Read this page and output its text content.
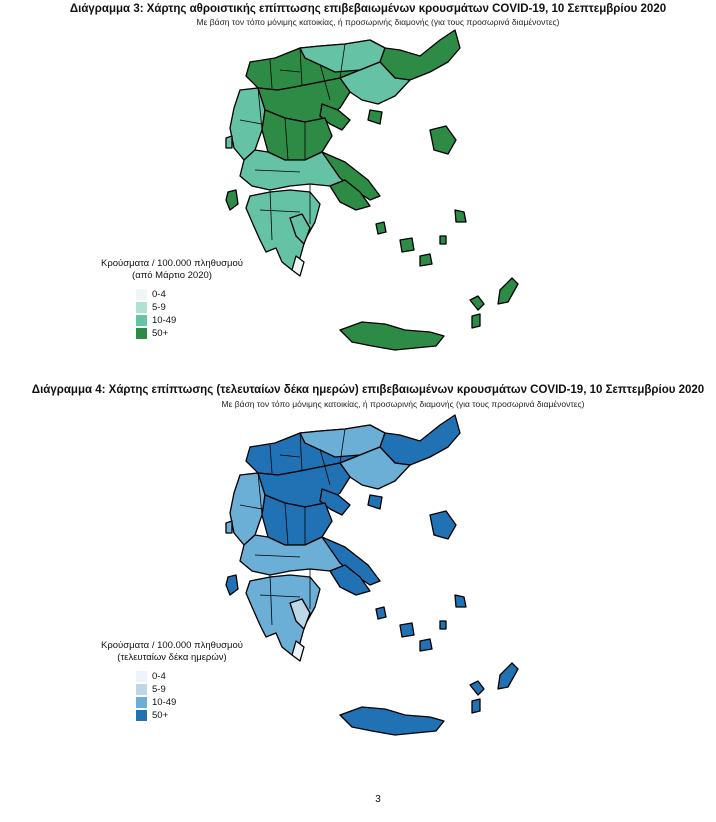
Διάγραμμα 3: Χάρτης αθροιστικής επίπτωσης επιβεβαιωμένων κρουσμάτων COVID-19, 10 Σεπτεμβρίου 2020
Με βάση τον τόπο μόνιμης κατοικίας, ή προσωρινής διαμονής (για τους προσωρινά διαμένοντες)
Κρούσματα / 100.000 πληθυσμού
(από Μάρτιο 2020)
0-4
5-9
10-49
50+
Διάγραμμα 4: Χάρτης επίπτωσης (τελευταίων δέκα ημερών) επιβεβαιωμένων κρουσμάτων COVID-19, 10 Σεπτεμβρίου 2020
Με βάση τον τόπο μόνιμης κατοικίας, ή προσωρινής διαμονής (για τους προσωρινά διαμένοντες)
Κρούσματα / 100.000 πληθυσμού
(τελευταίων δέκα ημερών)
0-4
5-9
10-49
50+
3
